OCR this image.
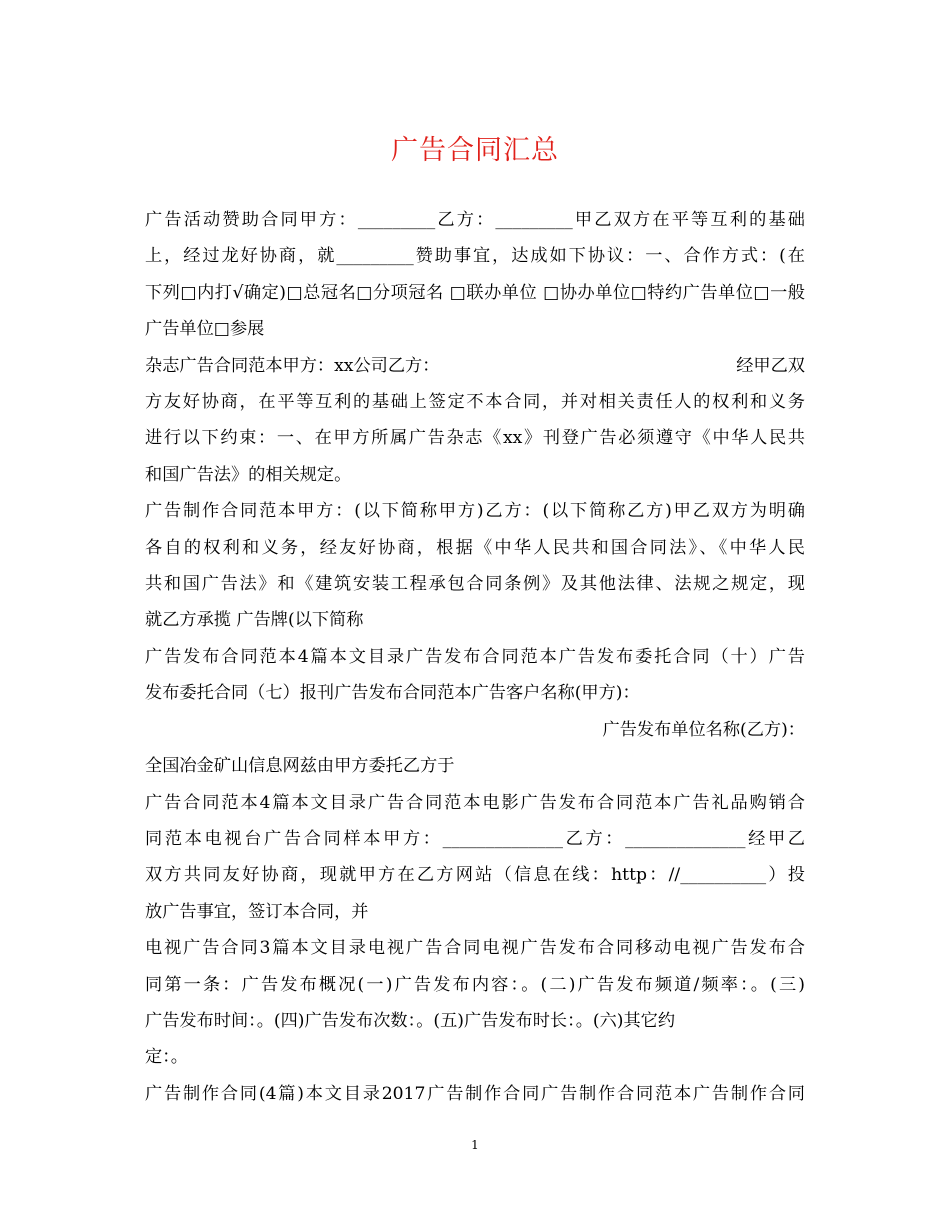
广告合同汇总

广告活动赞助合同甲方：_________乙方：_________甲乙双方在平等互利的基础
上，经过龙好协商，就_________赞助事宜，达成如下协议：一、合作方式：(在
下列□内打√确定)□总冠名□分项冠名 □联办单位 □协办单位□特约广告单位□一般
广告单位□参展

杂志广告合同范本甲方：xx公司乙方：	经甲乙双
方友好协商，在平等互利的基础上签定不本合同，并对相关责任人的权利和义务
进行以下约束：一、在甲方所属广告杂志《xx》刊登广告必须遵守《中华人民共
和国广告法》的相关规定。

广告制作合同范本甲方：(以下简称甲方)乙方：(以下简称乙方)甲乙双方为明确
各自的权利和义务，经友好协商，根据《中华人民共和国合同法》、《中华人民
共和国广告法》和《建筑安装工程承包合同条例》及其他法律、法规之规定，现
就乙方承揽 广告牌(以下简称

广告发布合同范本4篇本文目录广告发布合同范本广告发布委托合同（十）广告
发布委托合同（七）报刊广告发布合同范本广告客户名称(甲方)：
广告发布单位名称(乙方)：
全国冶金矿山信息网兹由甲方委托乙方于

广告合同范本4篇本文目录广告合同范本电影广告发布合同范本广告礼品购销合
同范本电视台广告合同样本甲方：______________乙方：______________经甲乙
双方共同友好协商，现就甲方在乙方网站（信息在线：http：//__________）投
放广告事宜，签订本合同，并

电视广告合同3篇本文目录电视广告合同电视广告发布合同移动电视广告发布合
同第一条：广告发布概况(一)广告发布内容：。(二)广告发布频道/频率：。(三)
广告发布时间：。(四)广告发布次数：。(五)广告发布时长：。(六)其它约
定：。

广告制作合同(4篇)本文目录2017广告制作合同广告制作合同范本广告制作合同

1
